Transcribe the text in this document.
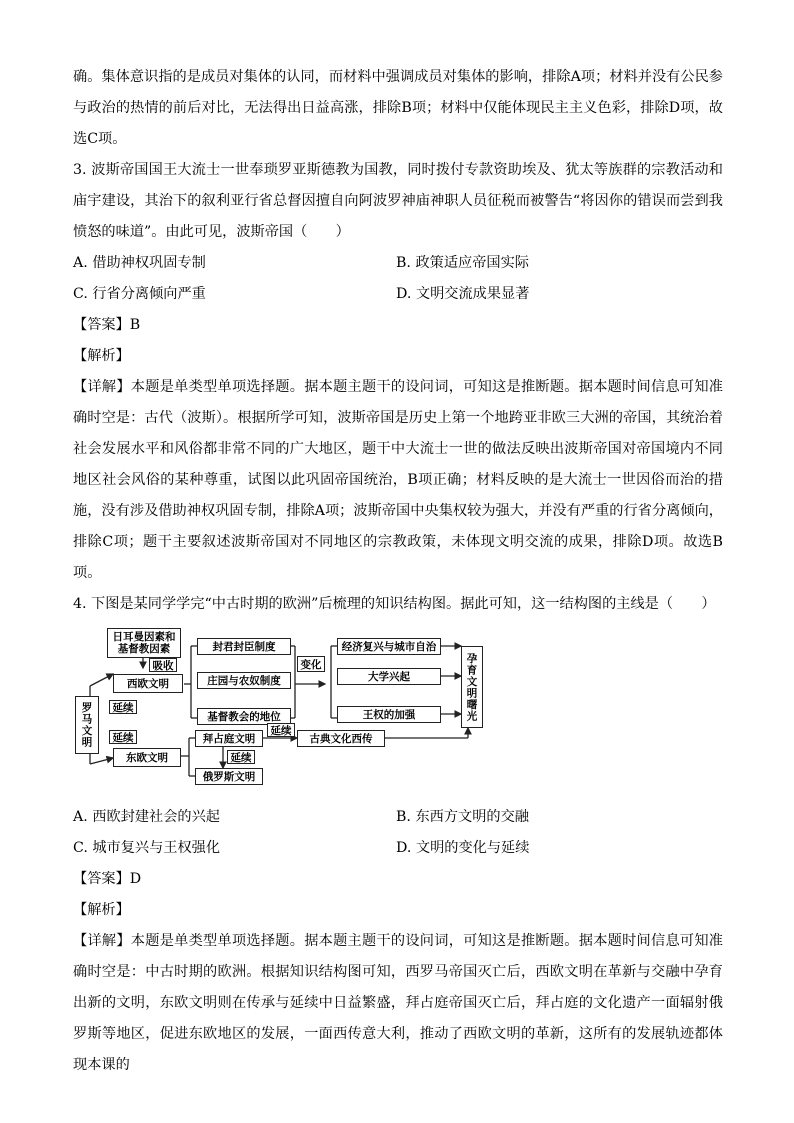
确。集体意识指的是成员对集体的认同，而材料中强调成员对集体的影响，排除A项；材料并没有公民参与政治的热情的前后对比，无法得出日益高涨，排除B项；材料中仅能体现民主主义色彩，排除D项，故选C项。

3. 波斯帝国国王大流士一世奉琐罗亚斯德教为国教，同时拨付专款资助埃及、犹太等族群的宗教活动和庙宇建设，其治下的叙利亚行省总督因擅自向阿波罗神庙神职人员征税而被警告“将因你的错误而尝到我愤怒的味道”。由此可见，波斯帝国（　　）

A. 借助神权巩固专制	B. 政策适应帝国实际
C. 行省分离倾向严重	D. 文明交流成果显著
【答案】B
【解析】

【详解】本题是单类型单项选择题。据本题主题干的设问词，可知这是推断题。据本题时间信息可知准确时空是：古代（波斯）。根据所学可知，波斯帝国是历史上第一个地跨亚非欧三大洲的帝国，其统治着社会发展水平和风俗都非常不同的广大地区，题干中大流士一世的做法反映出波斯帝国对帝国境内不同地区社会风俗的某种尊重，试图以此巩固帝国统治，B项正确；材料反映的是大流士一世因俗而治的措施，没有涉及借助神权巩固专制，排除A项；波斯帝国中央集权较为强大，并没有严重的行省分离倾向，排除C项；题干主要叙述波斯帝国对不同地区的宗教政策，未体现文明交流的成果，排除D项。故选B项。

4. 下图是某同学学完“中古时期的欧洲”后梳理的知识结构图。据此可知，这一结构图的主线是（　　）

罗马文明
日耳曼因素和基督教因素
吸收
西欧文明
延续
延续
东欧文明
封君封臣制度
庄园与农奴制度
基督教会的地位
变化
经济复兴与城市自治
大学兴起
王权的加强	孕育文明曙光
拜占庭文明
延续
延续
俄罗斯文明
古典文化西传
A. 西欧封建社会的兴起	B. 东西方文明的交融
C. 城市复兴与王权强化	D. 文明的变化与延续
【答案】D
【解析】

【详解】本题是单类型单项选择题。据本题主题干的设问词，可知这是推断题。据本题时间信息可知准确时空是：中古时期的欧洲。根据知识结构图可知，西罗马帝国灭亡后，西欧文明在革新与交融中孕育出新的文明，东欧文明则在传承与延续中日益繁盛，拜占庭帝国灭亡后，拜占庭的文化遗产一面辐射俄罗斯等地区，促进东欧地区的发展，一面西传意大利，推动了西欧文明的革新，这所有的发展轨迹都体现本课的
